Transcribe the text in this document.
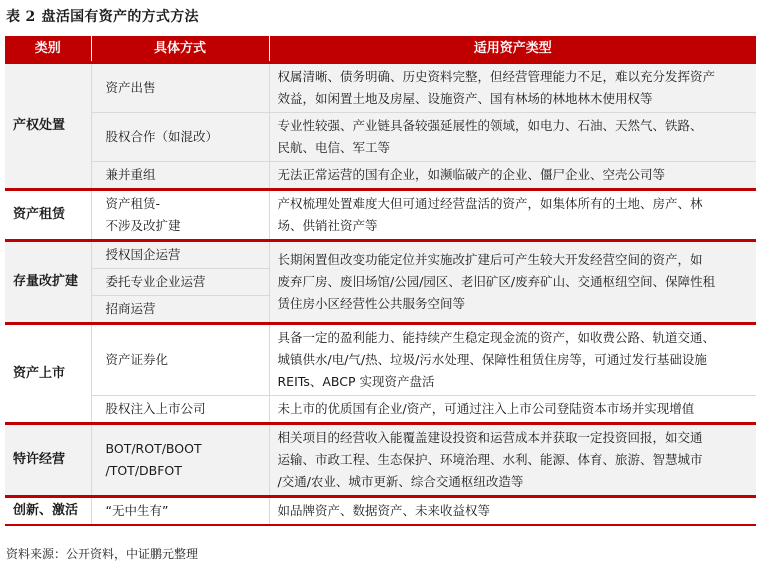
表 2 盘活国有资产的方式方法
类别	具体方式	适用资产类型
产权处置	资产出售	权属清晰、债务明确、历史资料完整，但经营管理能力不足，难以充分发挥资产
效益，如闲置土地及房屋、设施资产、国有林场的林地林木使用权等

	股权合作（如混改）	专业性较强、产业链具备较强延展性的领域，如电力、石油、天然气、铁路、
民航、电信、军工等

	兼并重组	无法正常运营的国有企业，如濒临破产的企业、僵尸企业、空壳公司等

资产租赁	资产租赁-
不涉及改扩建	产权梳理处置难度大但可通过经营盘活的资产，如集体所有的土地、房产、林
场、供销社资产等

存量改扩建	授权国企运营	长期闲置但改变功能定位并实施改扩建后可产生较大开发经营空间的资产，如
废弃厂房、废旧场馆/公园/园区、老旧矿区/废弃矿山、交通枢纽空间、保障性租
赁住房小区经营性公共服务空间等

	委托专业企业运营	
	招商运营	
资产上市	资产证券化	具备一定的盈利能力、能持续产生稳定现金流的资产，如收费公路、轨道交通、
城镇供水/电/气/热、垃圾/污水处理、保障性租赁住房等，可通过发行基础设施
REITs、ABCP 实现资产盘活

	股权注入上市公司	未上市的优质国有企业/资产，可通过注入上市公司登陆资本市场并实现增值

特许经营	BOT/ROT/BOOT
/TOT/DBFOT	相关项目的经营收入能覆盖建设投资和运营成本并获取一定投资回报，如交通
运输、市政工程、生态保护、环境治理、水利、能源、体育、旅游、智慧城市
/交通/农业、城市更新、综合交通枢纽改造等

创新、激活	“无中生有”	如品牌资产、数据资产、未来收益权等
资料来源：公开资料，中证鹏元整理
